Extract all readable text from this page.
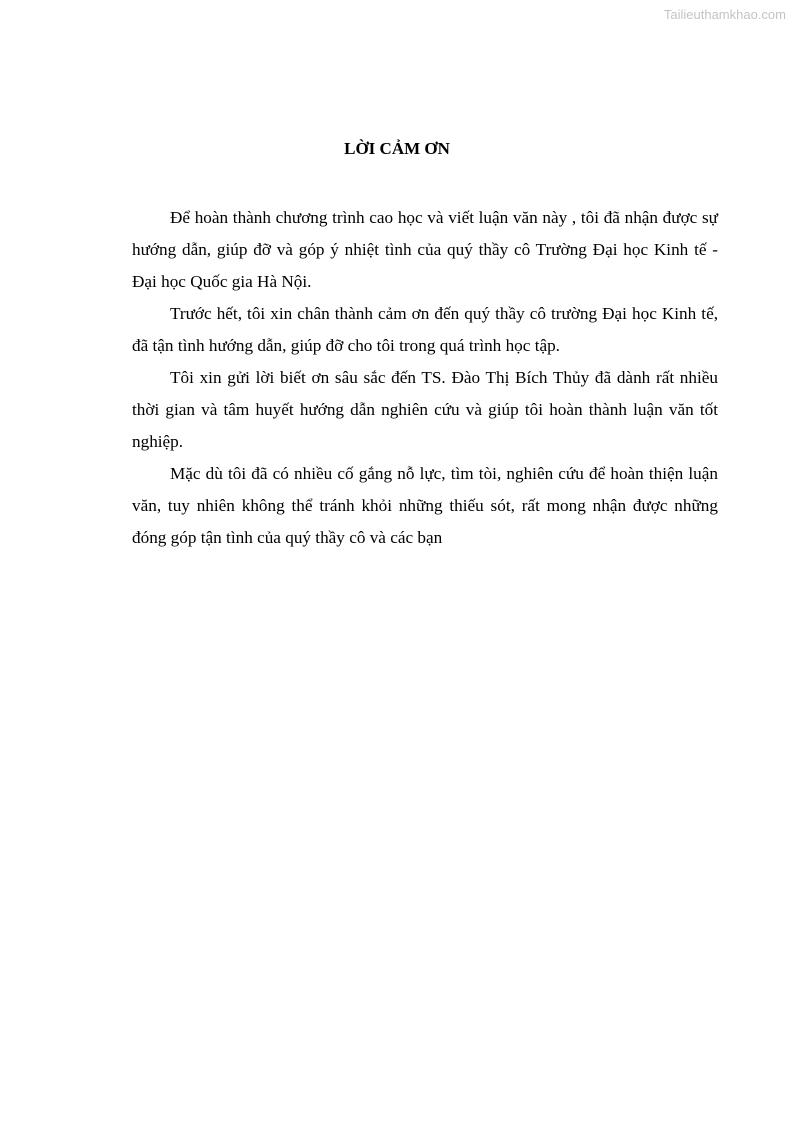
Tailieuthamkhao.com
LỜI CẢM ƠN

Để hoàn thành chương trình cao học và viết luận văn này , tôi đã nhận được sự hướng dẫn, giúp đỡ và góp ý nhiệt tình của quý thầy cô Trường Đại học Kinh tế - Đại học Quốc gia Hà Nội.

Trước hết, tôi xin chân thành cảm ơn đến quý thầy cô trường Đại học Kinh tế, đã tận tình hướng dẫn, giúp đỡ cho tôi trong quá trình học tập.

Tôi xin gửi lời biết ơn sâu sắc đến TS. Đào Thị Bích Thủy đã dành rất nhiều thời gian và tâm huyết hướng dẫn nghiên cứu và giúp tôi hoàn thành luận văn tốt nghiệp.

Mặc dù tôi đã có nhiều cố gắng nỗ lực, tìm tòi, nghiên cứu để hoàn thiện luận văn, tuy nhiên không thể tránh khỏi những thiếu sót, rất mong nhận được những đóng góp tận tình của quý thầy cô và các bạn
